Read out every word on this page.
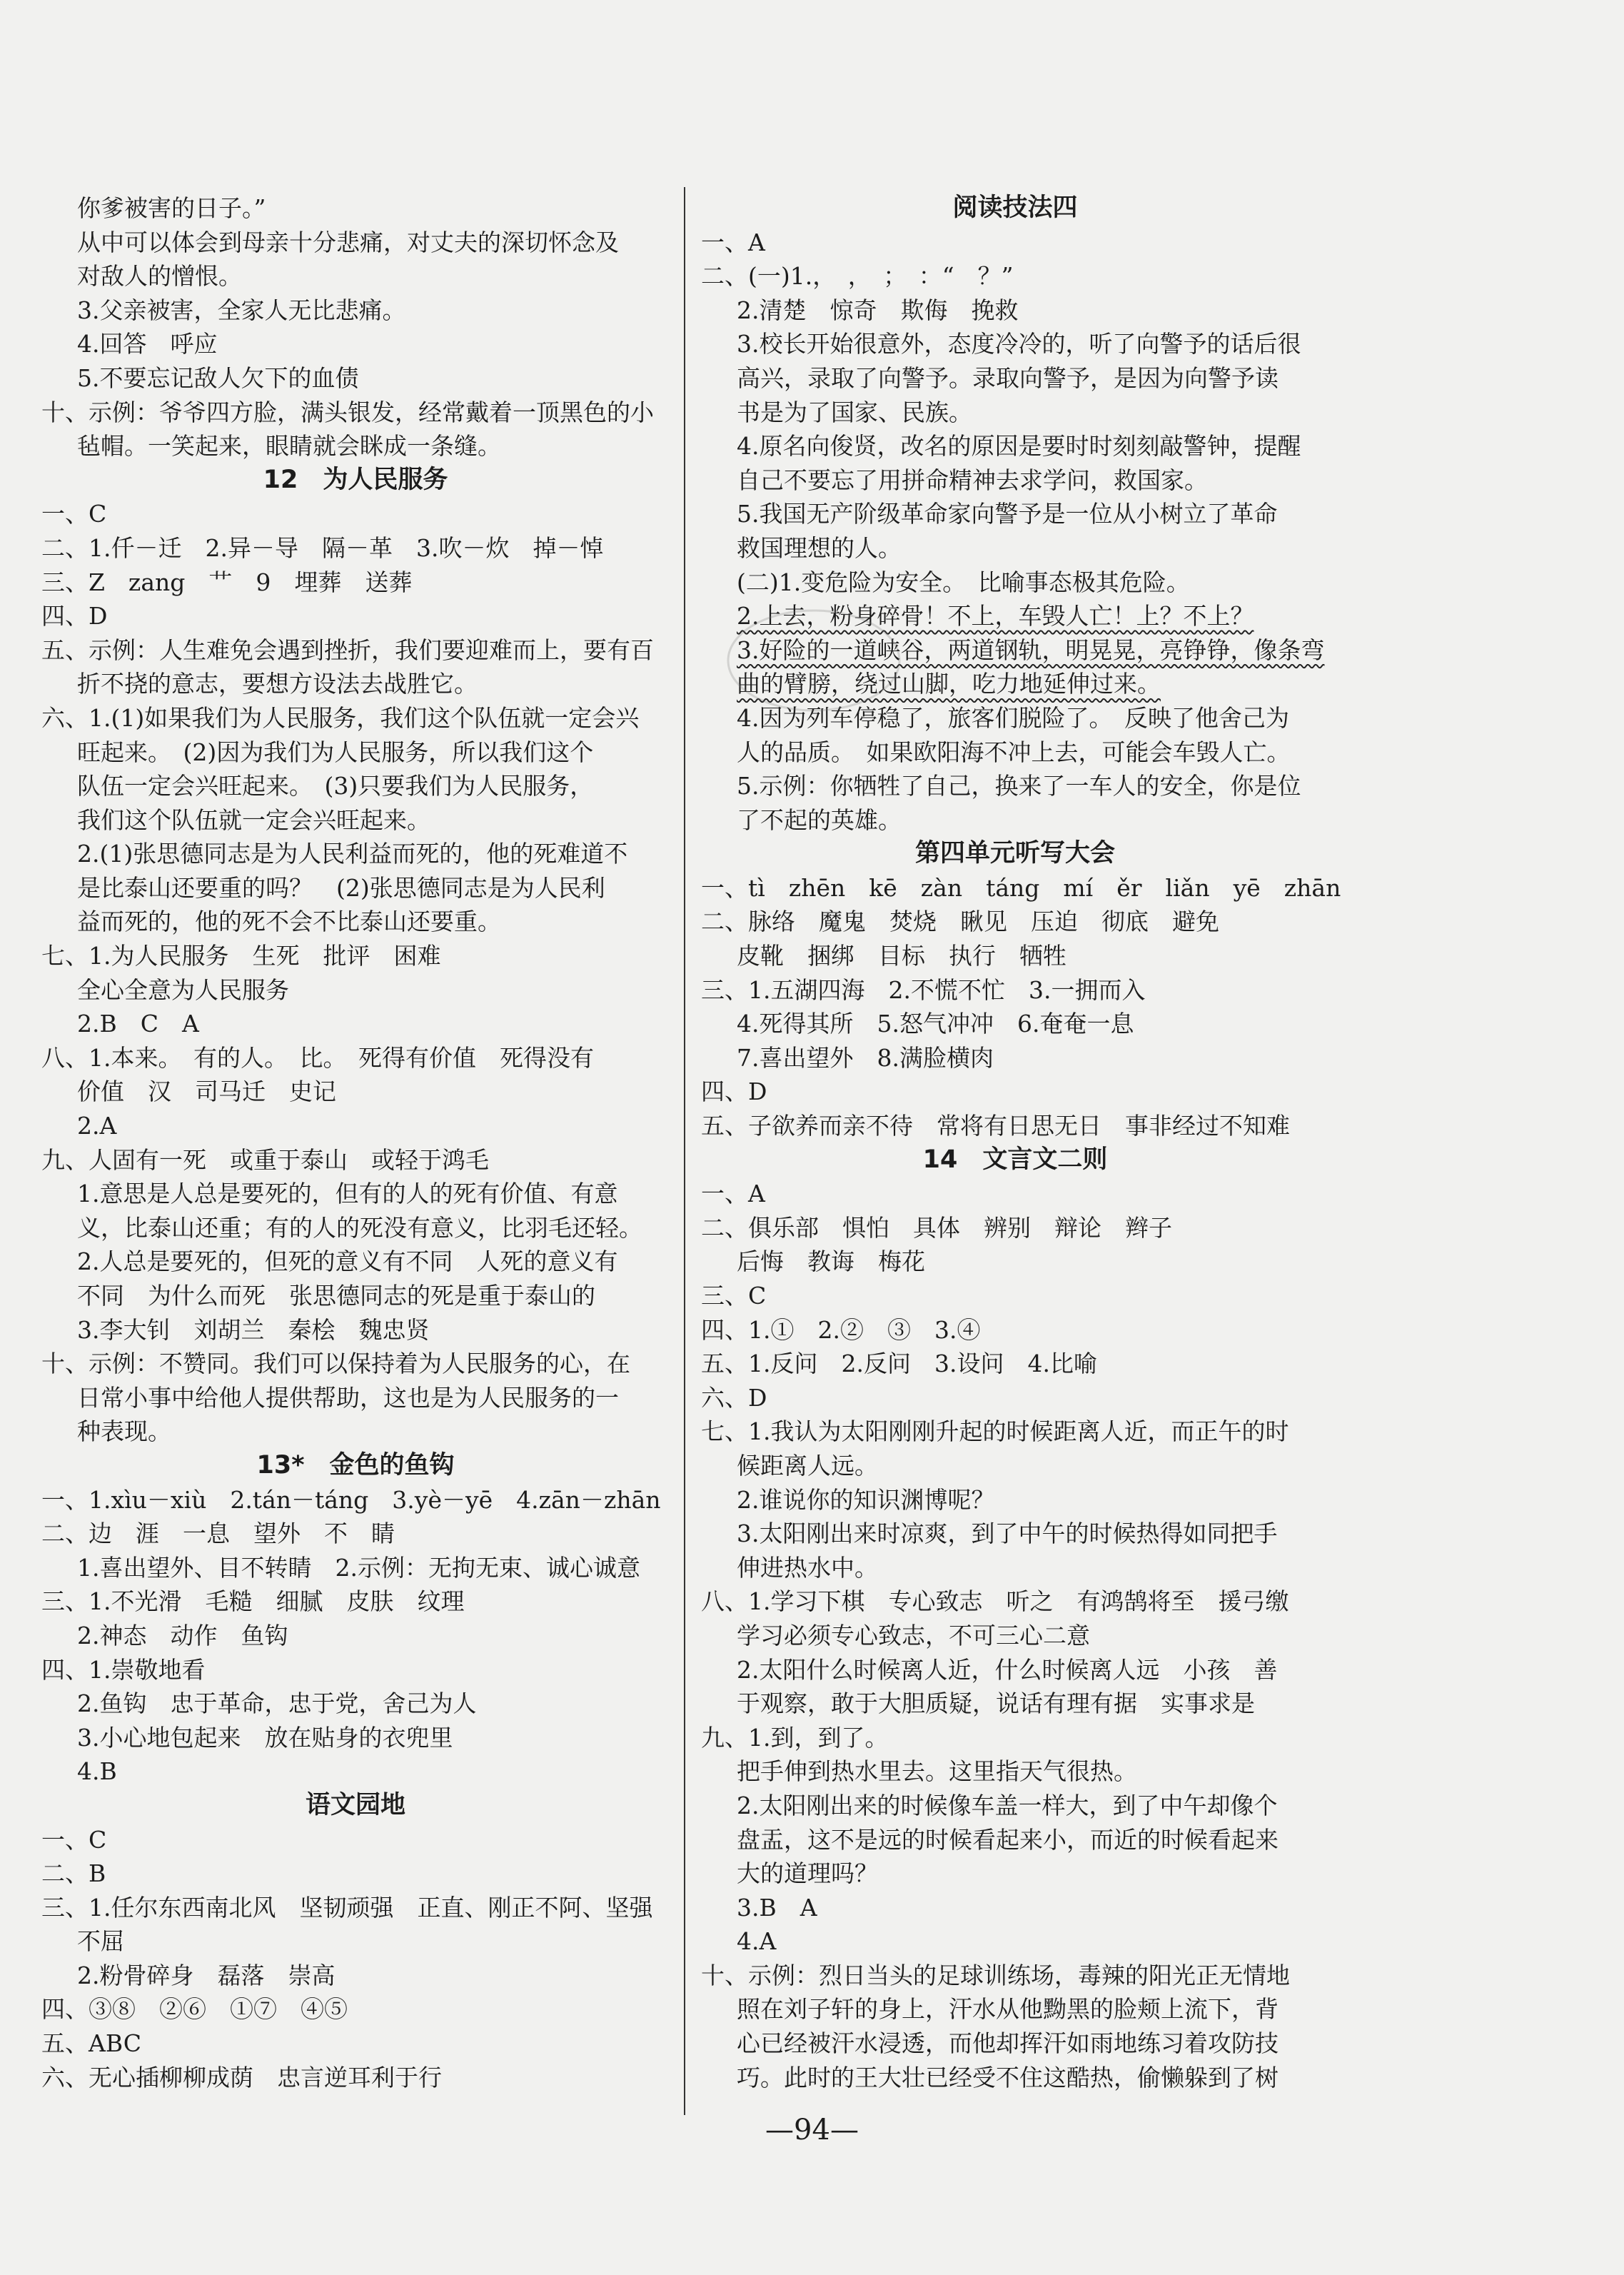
你爹被害的日子。”
从中可以体会到母亲十分悲痛，对丈夫的深切怀念及
对敌人的憎恨。
3.父亲被害，全家人无比悲痛。
4.回答　呼应
5.不要忘记敌人欠下的血债
十、示例：爷爷四方脸，满头银发，经常戴着一顶黑色的小
毡帽。一笑起来，眼睛就会眯成一条缝。
12　为人民服务
一、C
二、1.仟－迁　2.异－导　隔－革　3.吹－炊　掉－悼
三、Z　zang　艹　9　埋葬　送葬
四、D
五、示例：人生难免会遇到挫折，我们要迎难而上，要有百
折不挠的意志，要想方设法去战胜它。
六、1.(1)如果我们为人民服务，我们这个队伍就一定会兴
旺起来。　(2)因为我们为人民服务，所以我们这个
队伍一定会兴旺起来。　(3)只要我们为人民服务，
我们这个队伍就一定会兴旺起来。
2.(1)张思德同志是为人民利益而死的，他的死难道不
是比泰山还要重的吗？　(2)张思德同志是为人民利
益而死的，他的死不会不比泰山还要重。
七、1.为人民服务　生死　批评　困难
全心全意为人民服务
2.B　C　A
八、1.本来。　有的人。　比。　死得有价值　死得没有
价值　汉　司马迁　史记
2.A
九、人固有一死　或重于泰山　或轻于鸿毛
1.意思是人总是要死的，但有的人的死有价值、有意
义，比泰山还重；有的人的死没有意义，比羽毛还轻。
2.人总是要死的，但死的意义有不同　人死的意义有
不同　为什么而死　张思德同志的死是重于泰山的
3.李大钊　刘胡兰　秦桧　魏忠贤
十、示例：不赞同。我们可以保持着为人民服务的心，在
日常小事中给他人提供帮助，这也是为人民服务的一
种表现。
13*　金色的鱼钩
一、1.xìu－xiù　2.tán－táng　3.yè－yē　4.zān－zhān
二、边　涯　一息　望外　不　睛
1.喜出望外、目不转睛　2.示例：无拘无束、诚心诚意
三、1.不光滑　毛糙　细腻　皮肤　纹理
2.神态　动作　鱼钩
四、1.崇敬地看
2.鱼钩　忠于革命，忠于党，舍己为人
3.小心地包起来　放在贴身的衣兜里
4.B
语文园地
一、C
二、B
三、1.任尔东西南北风　坚韧顽强　正直、刚正不阿、坚强
不屈
2.粉骨碎身　磊落　崇高
四、③⑧　②⑥　①⑦　④⑤
五、ABC
六、无心插柳柳成荫　忠言逆耳利于行
阅读技法四
一、A
二、(一)1.，　，　；　：“　？”
2.清楚　惊奇　欺侮　挽救
3.校长开始很意外，态度冷冷的，听了向警予的话后很
高兴，录取了向警予。录取向警予，是因为向警予读
书是为了国家、民族。
4.原名向俊贤，改名的原因是要时时刻刻敲警钟，提醒
自己不要忘了用拼命精神去求学问，救国家。
5.我国无产阶级革命家向警予是一位从小树立了革命
救国理想的人。
(二)1.变危险为安全。　比喻事态极其危险。
2.上去，粉身碎骨！不上，车毁人亡！上？不上？
3.好险的一道峡谷，两道钢轨，明晃晃，亮铮铮，像条弯
曲的臂膀，绕过山脚，吃力地延伸过来。
4.因为列车停稳了，旅客们脱险了。　反映了他舍己为
人的品质。　如果欧阳海不冲上去，可能会车毁人亡。
5.示例：你牺牲了自己，换来了一车人的安全，你是位
了不起的英雄。
第四单元听写大会
一、tì　zhēn　kē　zàn　táng　mí　ěr　liǎn　yē　zhān
二、脉络　魔鬼　焚烧　瞅见　压迫　彻底　避免
皮靴　捆绑　目标　执行　牺牲
三、1.五湖四海　2.不慌不忙　3.一拥而入
4.死得其所　5.怒气冲冲　6.奄奄一息
7.喜出望外　8.满脸横肉
四、D
五、子欲养而亲不待　常将有日思无日　事非经过不知难
14　文言文二则
一、A
二、俱乐部　惧怕　具体　辨别　辩论　辫子
后悔　教诲　梅花
三、C
四、1.①　2.②　③　3.④
五、1.反问　2.反问　3.设问　4.比喻
六、D
七、1.我认为太阳刚刚升起的时候距离人近，而正午的时
候距离人远。
2.谁说你的知识渊博呢？
3.太阳刚出来时凉爽，到了中午的时候热得如同把手
伸进热水中。
八、1.学习下棋　专心致志　听之　有鸿鹄将至　援弓缴
学习必须专心致志，不可三心二意
2.太阳什么时候离人近，什么时候离人远　小孩　善
于观察，敢于大胆质疑，说话有理有据　实事求是
九、1.到，到了。
把手伸到热水里去。这里指天气很热。
2.太阳刚出来的时候像车盖一样大，到了中午却像个
盘盂，这不是远的时候看起来小，而近的时候看起来
大的道理吗？
3.B　A
4.A
十、示例：烈日当头的足球训练场，毒辣的阳光正无情地
照在刘子轩的身上，汗水从他黝黑的脸颊上流下，背
心已经被汗水浸透，而他却挥汗如雨地练习着攻防技
巧。此时的王大壮已经受不住这酷热，偷懒躲到了树
—94—
